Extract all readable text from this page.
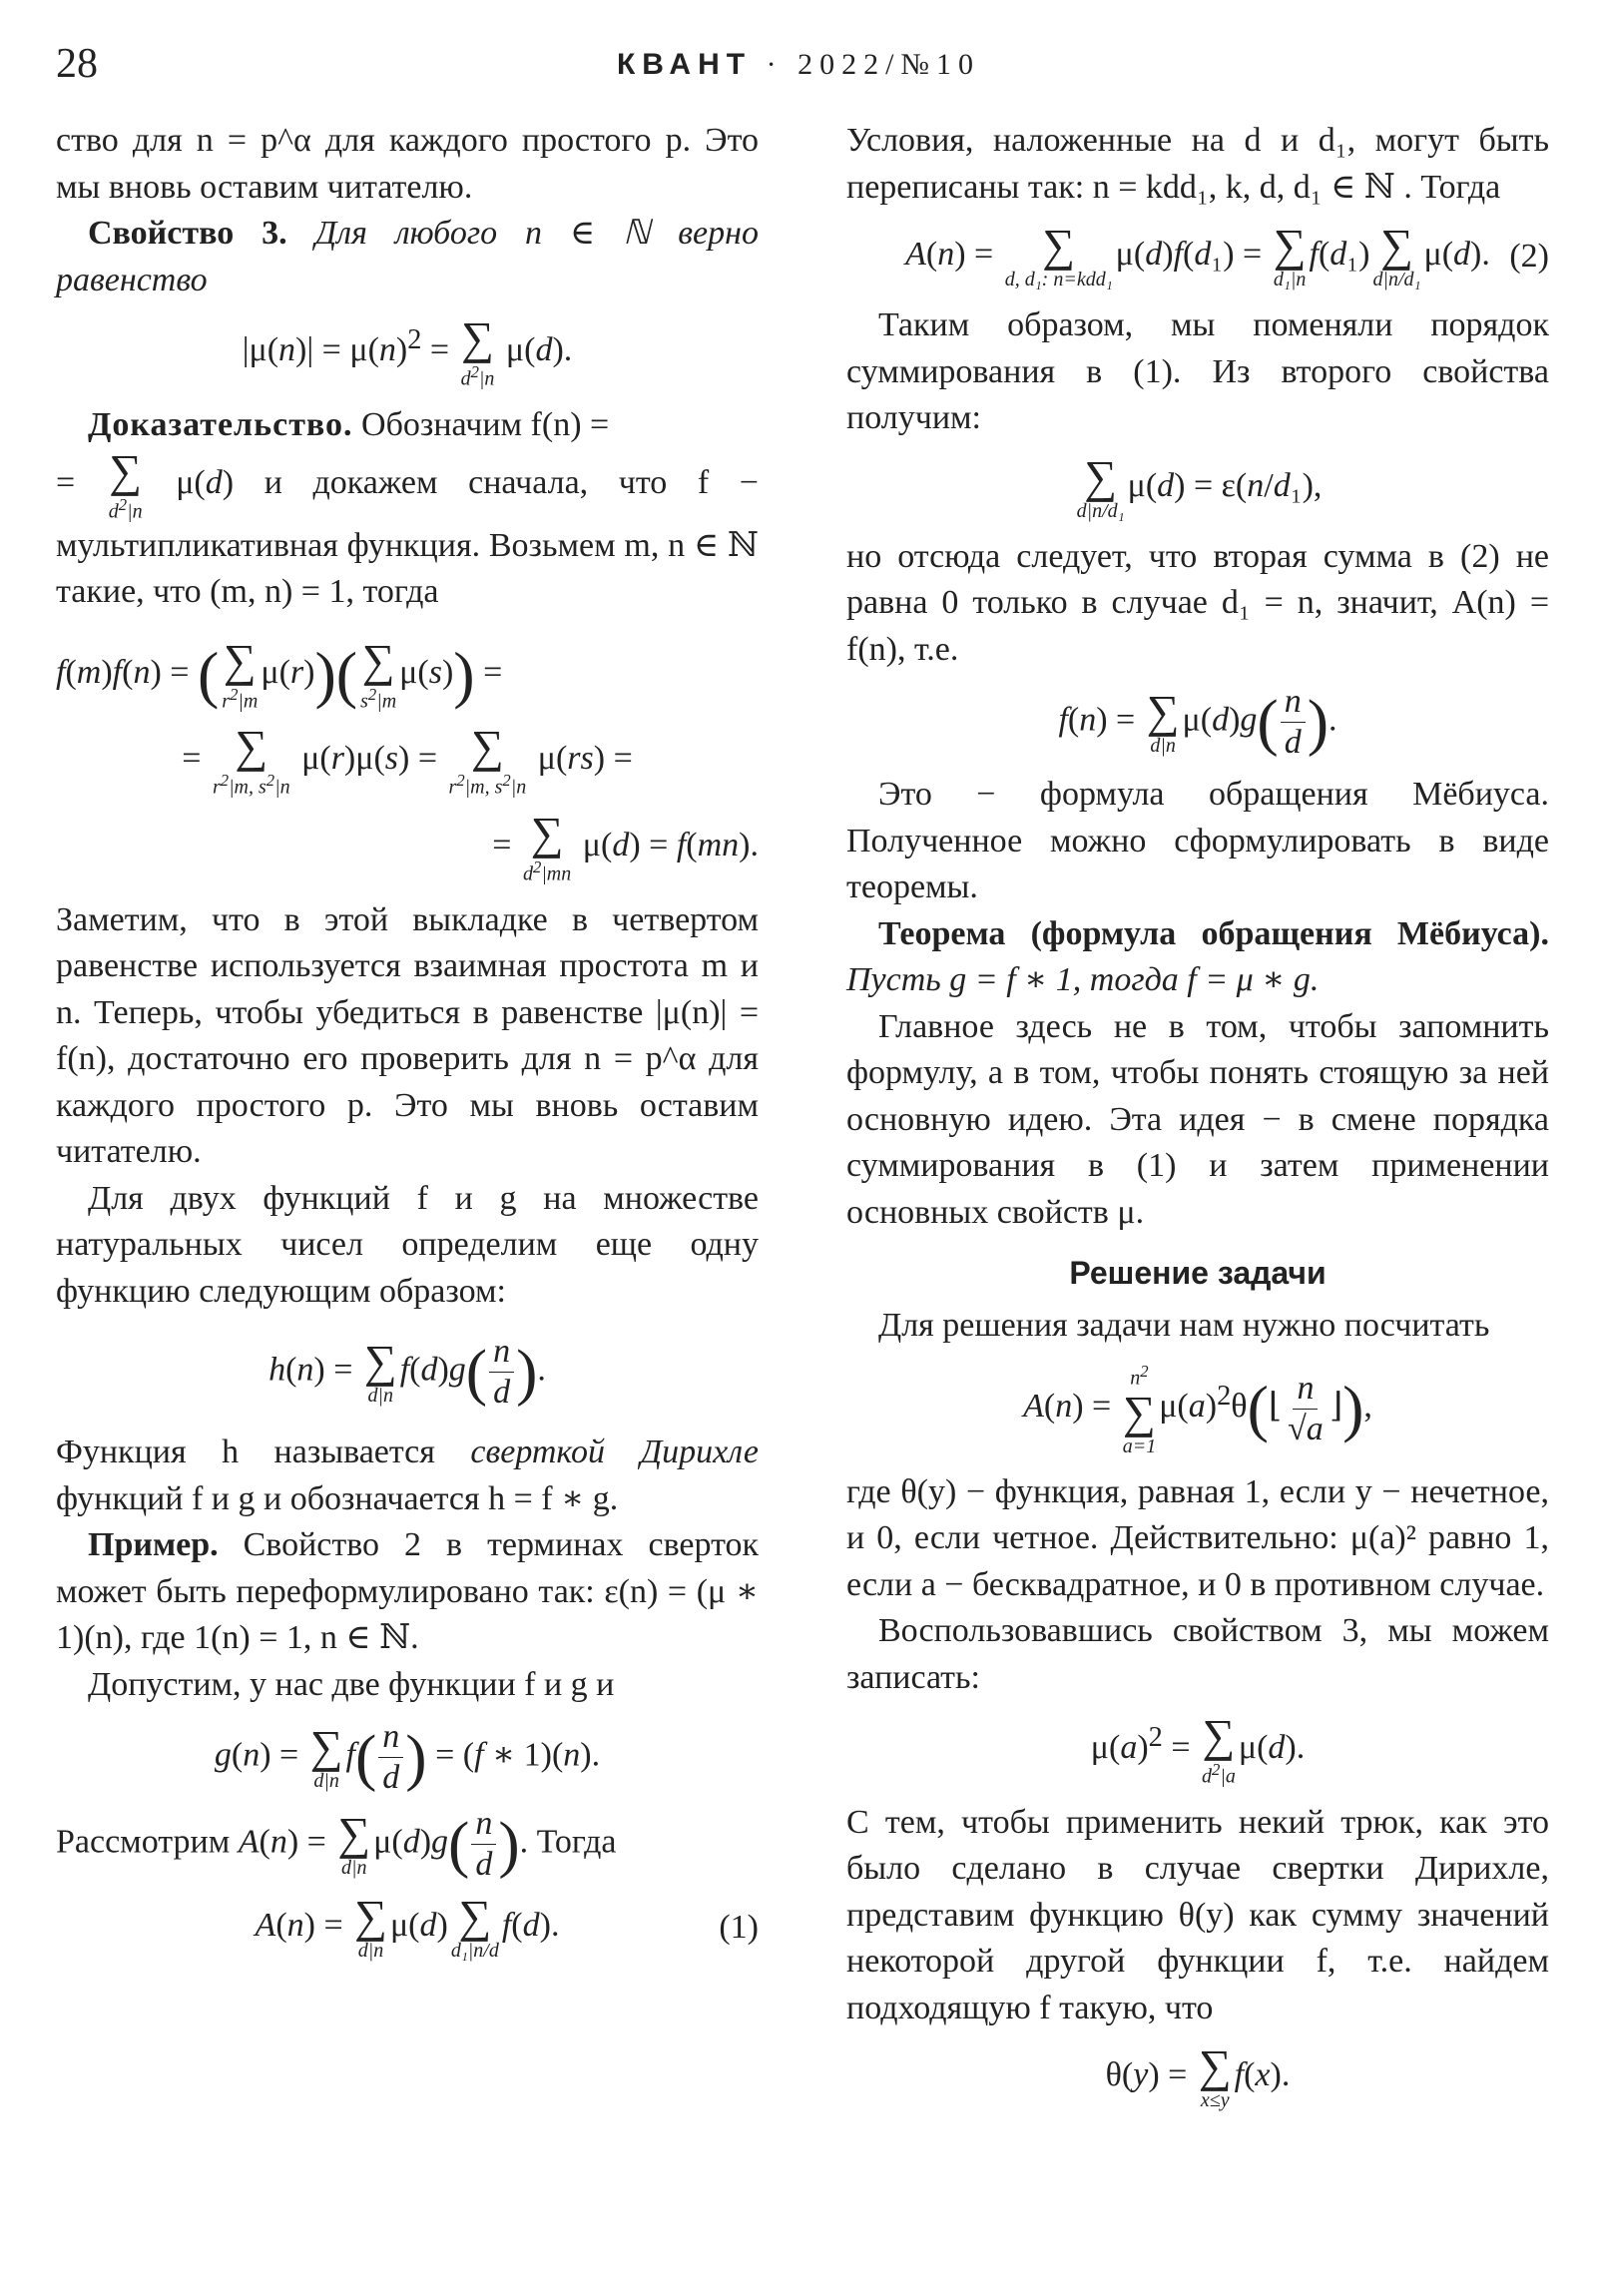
28	КВАНТ · 2022/№10

ство для n = p^α для каждого простого p. Это мы вновь оставим читателю.

Свойство 3. Для любого n ∈ ℕ верно равенство

$|\mu(n)| = \mu(n)^2$ = ∑
$d^2|n$
μ(d).

Доказательство. Обозначим f(n) =

= ∑
$d^2|n$
μ(d) и докажем сначала, что f − мультипликативная функция. Возьмем m, n ∈ ℕ такие, что (m, n) = 1, тогда

f(m)f(n) = ( ∑
$r^2|m$
μ(r))( ∑
$s^2|m$
μ(s)) =
= ∑
$r^2|m$, $s^2|n$
μ(r)μ(s) = ∑
$r^2|m$, $s^2|n$
μ(rs) =
= ∑
$d^2|mn$
μ(d) = f(mn).

Заметим, что в этой выкладке в четвертом равенстве используется взаимная простота m и n. Теперь, чтобы убедиться в равенстве |μ(n)| = f(n), достаточно его проверить для n = p^α для каждого простого p. Это мы вновь оставим читателю.

Для двух функций f и g на множестве натуральных чисел определим еще одну функцию следующим образом:

h(n) = ∑
d|n
$f(d)g( \frac{n}{d}$ ).

Функция h называется сверткой Дирихле функций f и g и обозначается h = f ∗ g.

Пример. Свойство 2 в терминах сверток может быть переформулировано так: ε(n) = (μ ∗ 1)(n), где 1(n) = 1, n ∈ ℕ.

Допустим, у нас две функции f и g и

g(n) = ∑
d|n
$f( \frac{n}{d}$ ) = (f ∗ 1)(n).

Рассмотрим A(n) = ∑
d|n
$\mu(d)g( \frac{n}{d}$ ). Тогда

A(n) = ∑
d|n
μ(d) ∑
d₁|n/d
f(d).	(1)

Условия, наложенные на d и d₁, могут быть переписаны так: n = kdd₁, k, d, d₁ ∈ ℕ . Тогда

A(n) = ∑
d, d₁: n=kdd₁
μ(d)f(d₁) = ∑
d₁|n
f(d₁) ∑
d|n/d₁
μ(d). (2)

Таким образом, мы поменяли порядок суммирования в (1). Из второго свойства получим:

∑
d|n/d₁
μ(d) = ε(n/d₁),

но отсюда следует, что вторая сумма в (2) не равна 0 только в случае d₁ = n, значит, A(n) = f(n), т.е.

f(n) = ∑
d|n
$\mu(d)g( \frac{n}{d}$ ).

Это − формула обращения Мёбиуса. Полученное можно сформулировать в виде теоремы.

Теорема (формула обращения Мёбиуса). Пусть g = f ∗ 1, тогда f = μ ∗ g.

Главное здесь не в том, чтобы запомнить формулу, а в том, чтобы понять стоящую за ней основную идею. Эта идея − в смене порядка суммирования в (1) и затем применении основных свойств μ.

Решение задачи

Для решения задачи нам нужно посчитать

A(n) =
$n^2$
∑
a=1
$\mu(a)^2\theta(⌊ \frac{n}{√a}$ ⌋),

где θ(y) − функция, равная 1, если y − нечетное, и 0, если четное. Действительно: μ(a)² равно 1, если a − бесквадратное, и 0 в противном случае.

Воспользовавшись свойством 3, мы можем записать:

$\mu(a)^2$ = ∑
$d^2|a$
μ(d).

С тем, чтобы применить некий трюк, как это было сделано в случае свертки Дирихле, представим функцию θ(y) как сумму значений некоторой другой функции f, т.е. найдем подходящую f такую, что

θ(y) = ∑
x≤y
f(x).
